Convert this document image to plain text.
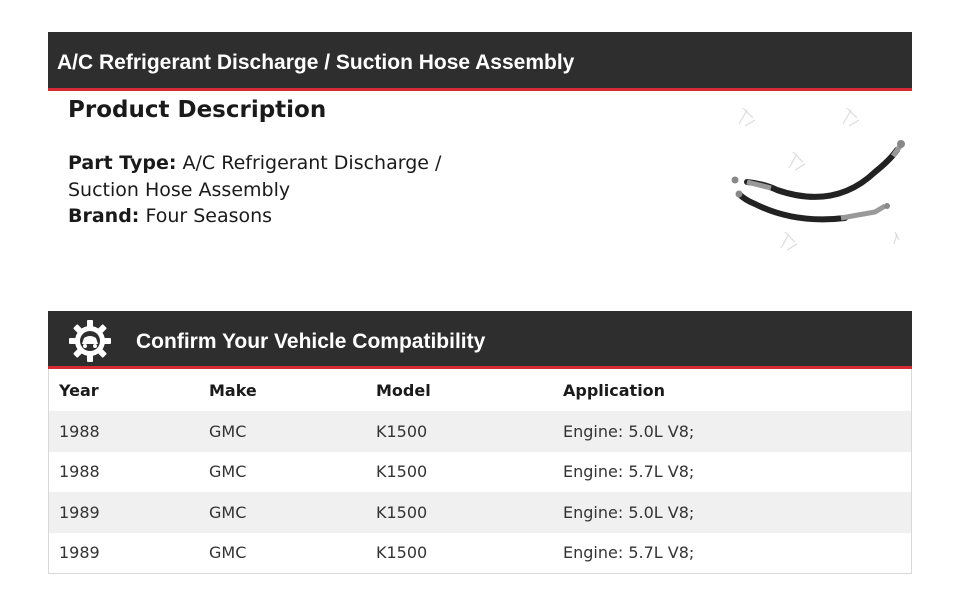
A/C Refrigerant Discharge / Suction Hose Assembly
Product Description
Part Type: A/C Refrigerant Discharge / Suction Hose Assembly
Brand: Four Seasons
Confirm Your Vehicle Compatibility
Year	Make	Model	Application
1988	GMC	K1500	Engine: 5.0L V8;
1988	GMC	K1500	Engine: 5.7L V8;
1989	GMC	K1500	Engine: 5.0L V8;
1989	GMC	K1500	Engine: 5.7L V8;
